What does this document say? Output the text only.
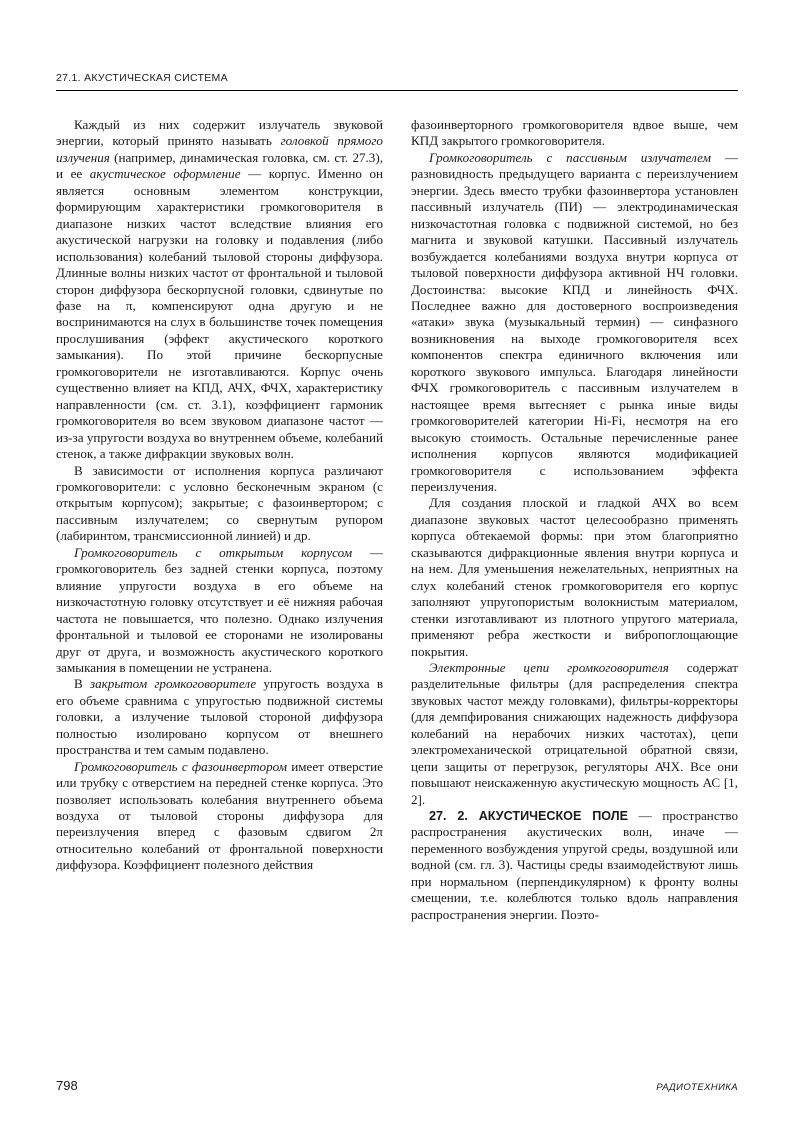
27.1. АКУСТИЧЕСКАЯ СИСТЕМА

Каждый из них содержит излучатель звуковой энергии, который принято называть головкой прямого излучения (например, динамическая головка, см. ст. 27.3), и ее акустическое оформление — корпус. Именно он является основным элементом конструкции, формирующим характеристики громкоговорителя в диапазоне низких частот вследствие влияния его акустической нагрузки на головку и подавления (либо использования) колебаний тыловой стороны диффузора. Длинные волны низких частот от фронтальной и тыловой сторон диффузора бескорпусной головки, сдвинутые по фазе на π, компенсируют одна другую и не воспринимаются на слух в большинстве точек помещения прослушивания (эффект акустического короткого замыкания). По этой причине бескорпусные громкоговорители не изготавливаются. Корпус очень существенно влияет на КПД, АЧХ, ФЧХ, характеристику направленности (см. ст. 3.1), коэффициент гармоник громкоговорителя во всем звуковом диапазоне частот — из-за упругости воздуха во внутреннем объеме, колебаний стенок, а также дифракции звуковых волн.

В зависимости от исполнения корпуса различают громкоговорители: с условно бесконечным экраном (с открытым корпусом); закрытые; с фазоинвертором; с пассивным излучателем; со свернутым рупором (лабиринтом, трансмиссионной линией) и др.

Громкоговоритель с открытым корпусом — громкоговоритель без задней стенки корпуса, поэтому влияние упругости воздуха в его объеме на низкочастотную головку отсутствует и её нижняя рабочая частота не повышается, что полезно. Однако излучения фронтальной и тыловой ее сторонами не изолированы друг от друга, и возможность акустического короткого замыкания в помещении не устранена.

В закрытом громкоговорителе упругость воздуха в его объеме сравнима с упругостью подвижной системы головки, а излучение тыловой стороной диффузора полностью изолировано корпусом от внешнего пространства и тем самым подавлено.

Громкоговоритель с фазоинвертором имеет отверстие или трубку с отверстием на передней стенке корпуса. Это позволяет использовать колебания внутреннего объема воздуха от тыловой стороны диффузора для переизлучения вперед с фазовым сдвигом 2π относительно колебаний от фронтальной поверхности диффузора. Коэффициент полезного действия

фазоинверторного громкоговорителя вдвое выше, чем КПД закрытого громкоговорителя.

Громкоговоритель с пассивным излучателем — разновидность предыдущего варианта с переизлучением энергии. Здесь вместо трубки фазоинвертора установлен пассивный излучатель (ПИ) — электродинамическая низкочастотная головка с подвижной системой, но без магнита и звуковой катушки. Пассивный излучатель возбуждается колебаниями воздуха внутри корпуса от тыловой поверхности диффузора активной НЧ головки. Достоинства: высокие КПД и линейность ФЧХ. Последнее важно для достоверного воспроизведения «атаки» звука (музыкальный термин) — синфазного возникновения на выходе громкоговорителя всех компонентов спектра единичного включения или короткого звукового импульса. Благодаря линейности ФЧХ громкоговоритель с пассивным излучателем в настоящее время вытесняет с рынка иные виды громкоговорителей категории Hi-Fi, несмотря на его высокую стоимость. Остальные перечисленные ранее исполнения корпусов являются модификацией громкоговорителя с использованием эффекта переизлучения.

Для создания плоской и гладкой АЧХ во всем диапазоне звуковых частот целесообразно применять корпуса обтекаемой формы: при этом благоприятно сказываются дифракционные явления внутри корпуса и на нем. Для уменьшения нежелательных, неприятных на слух колебаний стенок громкоговорителя его корпус заполняют упругопористым волокнистым материалом, стенки изготавливают из плотного упругого материала, применяют ребра жесткости и вибропоглощающие покрытия.

Электронные цепи громкоговорителя содержат разделительные фильтры (для распределения спектра звуковых частот между головками), фильтры-корректоры (для демпфирования снижающих надежность диффузора колебаний на нерабочих низких частотах), цепи электромеханической отрицательной обратной связи, цепи защиты от перегрузок, регуляторы АЧХ. Все они повышают неискаженную акустическую мощность АС [1, 2].

27. 2. АКУСТИЧЕСКОЕ ПОЛЕ — пространство распространения акустических волн, иначе — переменного возбуждения упругой среды, воздушной или водной (см. гл. 3). Частицы среды взаимодействуют лишь при нормальном (перпендикулярном) к фронту волны смещении, т.е. колеблются только вдоль направления распространения энергии. Поэто-

798	РАДИОТЕХНИКА
